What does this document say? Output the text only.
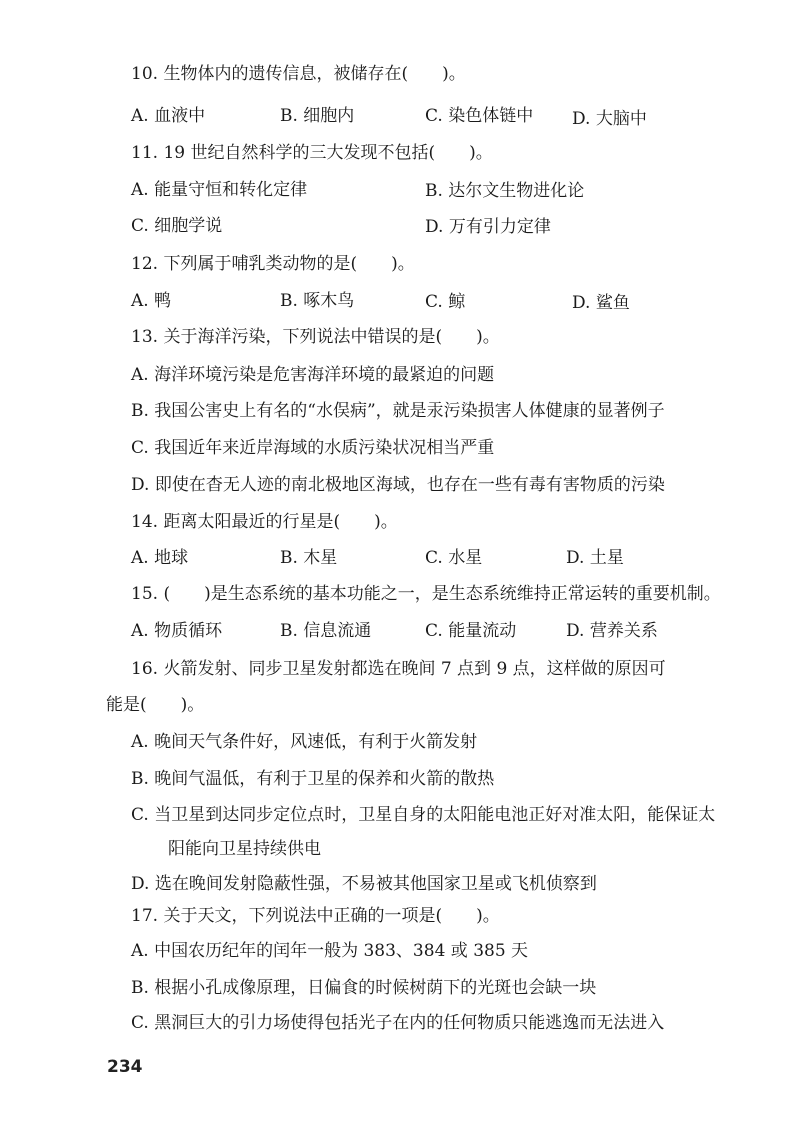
10. 生物体内的遗传信息，被储存在(　　)。
A. 血液中	B. 细胞内	C. 染色体链中 D. 大脑中
11. 19 世纪自然科学的三大发现不包括(　　)。
A. 能量守恒和转化定律	B. 达尔文生物进化论
C. 细胞学说	D. 万有引力定律
12. 下列属于哺乳类动物的是(　　)。
A. 鸭	B. 啄木鸟	C. 鲸	D. 鲨鱼
13. 关于海洋污染，下列说法中错误的是(　　)。
A. 海洋环境污染是危害海洋环境的最紧迫的问题
B. 我国公害史上有名的“水俣病”，就是汞污染损害人体健康的显著例子
C. 我国近年来近岸海域的水质污染状况相当严重
D. 即使在杳无人迹的南北极地区海域，也存在一些有毒有害物质的污染
14. 距离太阳最近的行星是(　　)。
A. 地球	B. 木星	C. 水星	D. 土星
15. (　　)是生态系统的基本功能之一，是生态系统维持正常运转的重要机制。
A. 物质循环	B. 信息流通	C. 能量流动	D. 营养关系
16. 火箭发射、同步卫星发射都选在晚间 7 点到 9 点，这样做的原因可
能是(　　)。
A. 晚间天气条件好，风速低，有利于火箭发射
B. 晚间气温低，有利于卫星的保养和火箭的散热
C. 当卫星到达同步定位点时，卫星自身的太阳能电池正好对准太阳，能保证太
阳能向卫星持续供电
D. 选在晚间发射隐蔽性强，不易被其他国家卫星或飞机侦察到
17. 关于天文，下列说法中正确的一项是(　　)。
A. 中国农历纪年的闰年一般为 383、384 或 385 天
B. 根据小孔成像原理，日偏食的时候树荫下的光斑也会缺一块
C. 黑洞巨大的引力场使得包括光子在内的任何物质只能逃逸而无法进入
234
